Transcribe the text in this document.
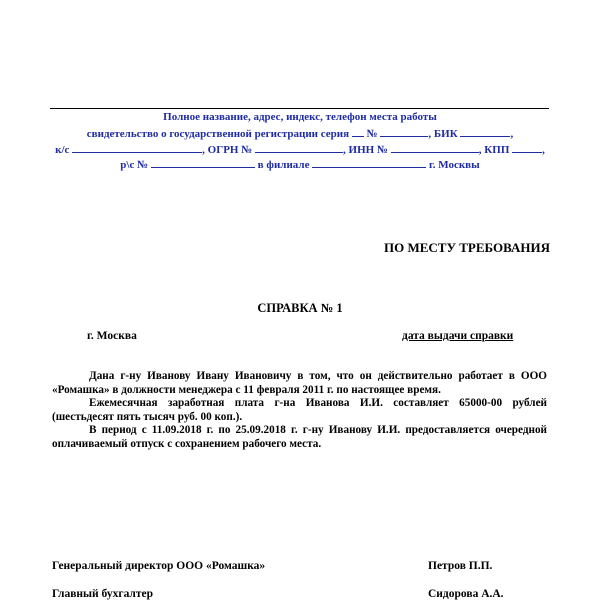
Полное название, адрес, индекс, телефон места работы
свидетельство о государственной регистрации серия №	, БИК	,
к/с	, ОГРН №	, ИНН №	, КПП	,
р\с №	в филиале	г. Москвы
ПО МЕСТУ ТРЕБОВАНИЯ
СПРАВКА № 1
г. Москва	дата выдачи справки

Дана г-ну Иванову Ивану Ивановичу в том, что он действительно работает в ООО «Ромашка» в должности менеджера с 11 февраля 2011 г. по настоящее время.

Ежемесячная заработная плата г-на Иванова И.И. составляет 65000-00 рублей (шестьдесят пять тысяч руб. 00 коп.).

В период с 11.09.2018 г. по 25.09.2018 г. г-ну Иванову И.И. предоставляется очередной оплачиваемый отпуск с сохранением рабочего места.

Генеральный директор ООО «Ромашка»	Петров П.П.
Главный бухгалтер	Сидорова А.А.
